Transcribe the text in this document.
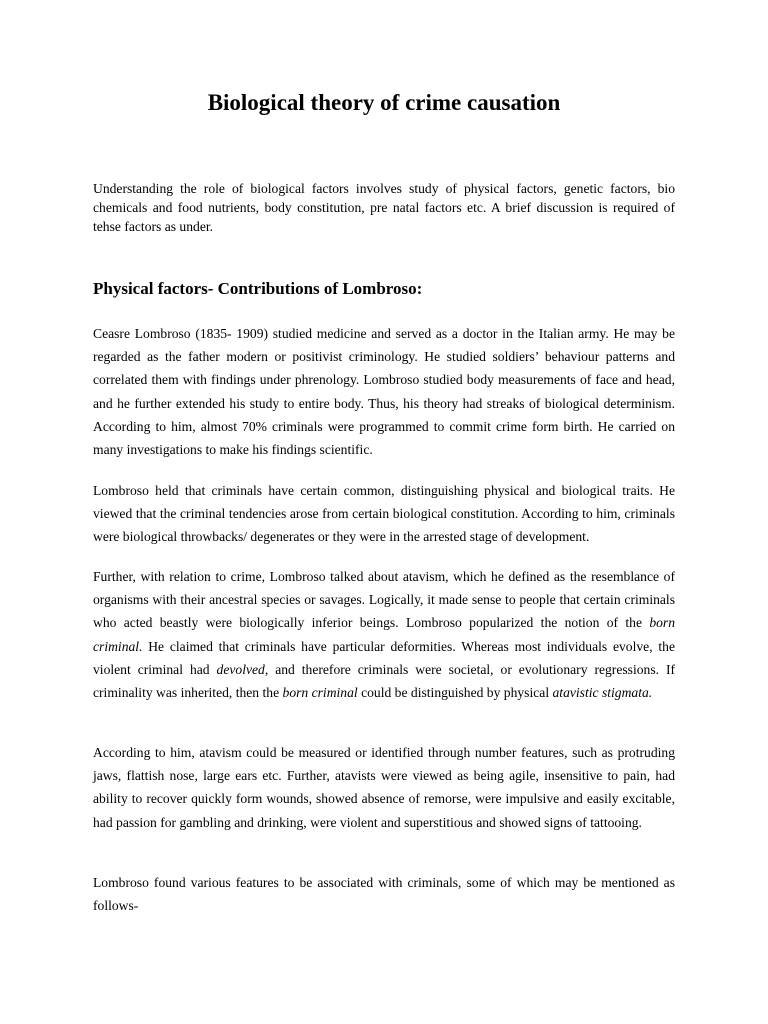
Biological theory of crime causation

Understanding the role of biological factors involves study of physical factors, genetic factors, bio chemicals and food nutrients, body constitution, pre natal factors etc. A brief discussion is required of tehse factors as under.

Physical factors- Contributions of Lombroso:

Ceasre Lombroso (1835- 1909) studied medicine and served as a doctor in the Italian army. He may be regarded as the father modern or positivist criminology. He studied soldiers’ behaviour patterns and correlated them with findings under phrenology. Lombroso studied body measurements of face and head, and he further extended his study to entire body. Thus, his theory had streaks of biological determinism. According to him, almost 70% criminals were programmed to commit crime form birth. He carried on many investigations to make his findings scientific.

Lombroso held that criminals have certain common, distinguishing physical and biological traits. He viewed that the criminal tendencies arose from certain biological constitution. According to him, criminals were biological throwbacks/ degenerates or they were in the arrested stage of development.

Further, with relation to crime, Lombroso talked about atavism, which he defined as the resemblance of organisms with their ancestral species or savages. Logically, it made sense to people that certain criminals who acted beastly were biologically inferior beings. Lombroso popularized the notion of the born criminal. He claimed that criminals have particular deformities. Whereas most individuals evolve, the violent criminal had devolved, and therefore criminals were societal, or evolutionary regressions. If criminality was inherited, then the born criminal could be distinguished by physical atavistic stigmata.

According to him, atavism could be measured or identified through number features, such as protruding jaws, flattish nose, large ears etc. Further, atavists were viewed as being agile, insensitive to pain, had ability to recover quickly form wounds, showed absence of remorse, were impulsive and easily excitable, had passion for gambling and drinking, were violent and superstitious and showed signs of tattooing.

Lombroso found various features to be associated with criminals, some of which may be mentioned as follows-
